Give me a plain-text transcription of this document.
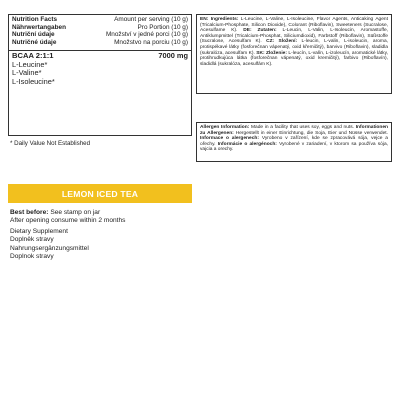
Nutrition Facts
Nährwertangaben
Nutriční údaje
Nutričné údaje
Amount per serving (10 g)
Pro Portion (10 g)
Množství v jedné porci (10 g)
Množstvo na porciu (10 g)
BCAA 2:1:1
L-Leucine*
L-Valine*
L-Isoleucine*
7000 mg
* Daily Value Not Established
EN: Ingredients: L-Leucine, L-Valine, L-Isoleucine, Flavor Agents, Anticaking Agent (Tricalcium-Phosphate, Silicon Dioxide), Colorant (Riboflavin), Sweeteners (Sucralose, Acesulfame K). DE: Zutaten: L-Leucin, L-Valin, L-Isoleucin, Aromastoffe, Antiklumpmittel (Tricalcium-Phosphat, Siliciumdioxid), Farbstoff (Riboflavin), Süßstoffe (Sucralose, Acesulfam K). CZ: Složení: L-leucin, L-valin, L-isoleucin, aroma, protispékavé látky (fosforečnan vápenatý, oxid křemičitý), barvivo (Riboflavin), sladidla (sukralóza, acesulfam K). SK: Zloženie: L-leucín, L-valín, L-izoleucín, aromatické látky, protihrudkujúca látka (fosforečnan vápenatý, oxid kremičitý), farbivo (Riboflavín), sladidlá (sukralóza, acesulfám K).
Allergen Information: Made in a facility that uses soy, eggs and nuts. Informationen zu Allergenen: Hergestellt in einer Einrichtung, die Soja, Eier und Nüsse verwendet. Informace o alergenech: Vyrobeno v zařízení, kde se zpracovává sója, vejce a ořechy. Informácie o alergénoch: Vyrobené v zariadení, v ktorom sa používa sója, vajcia a orechy.
LEMON ICED TEA
Best before: See stamp on jar
After opening consume within 2 months
Dietary Supplement
Doplněk stravy
Nahrungsergänzungsmittel
Doplnok stravy
